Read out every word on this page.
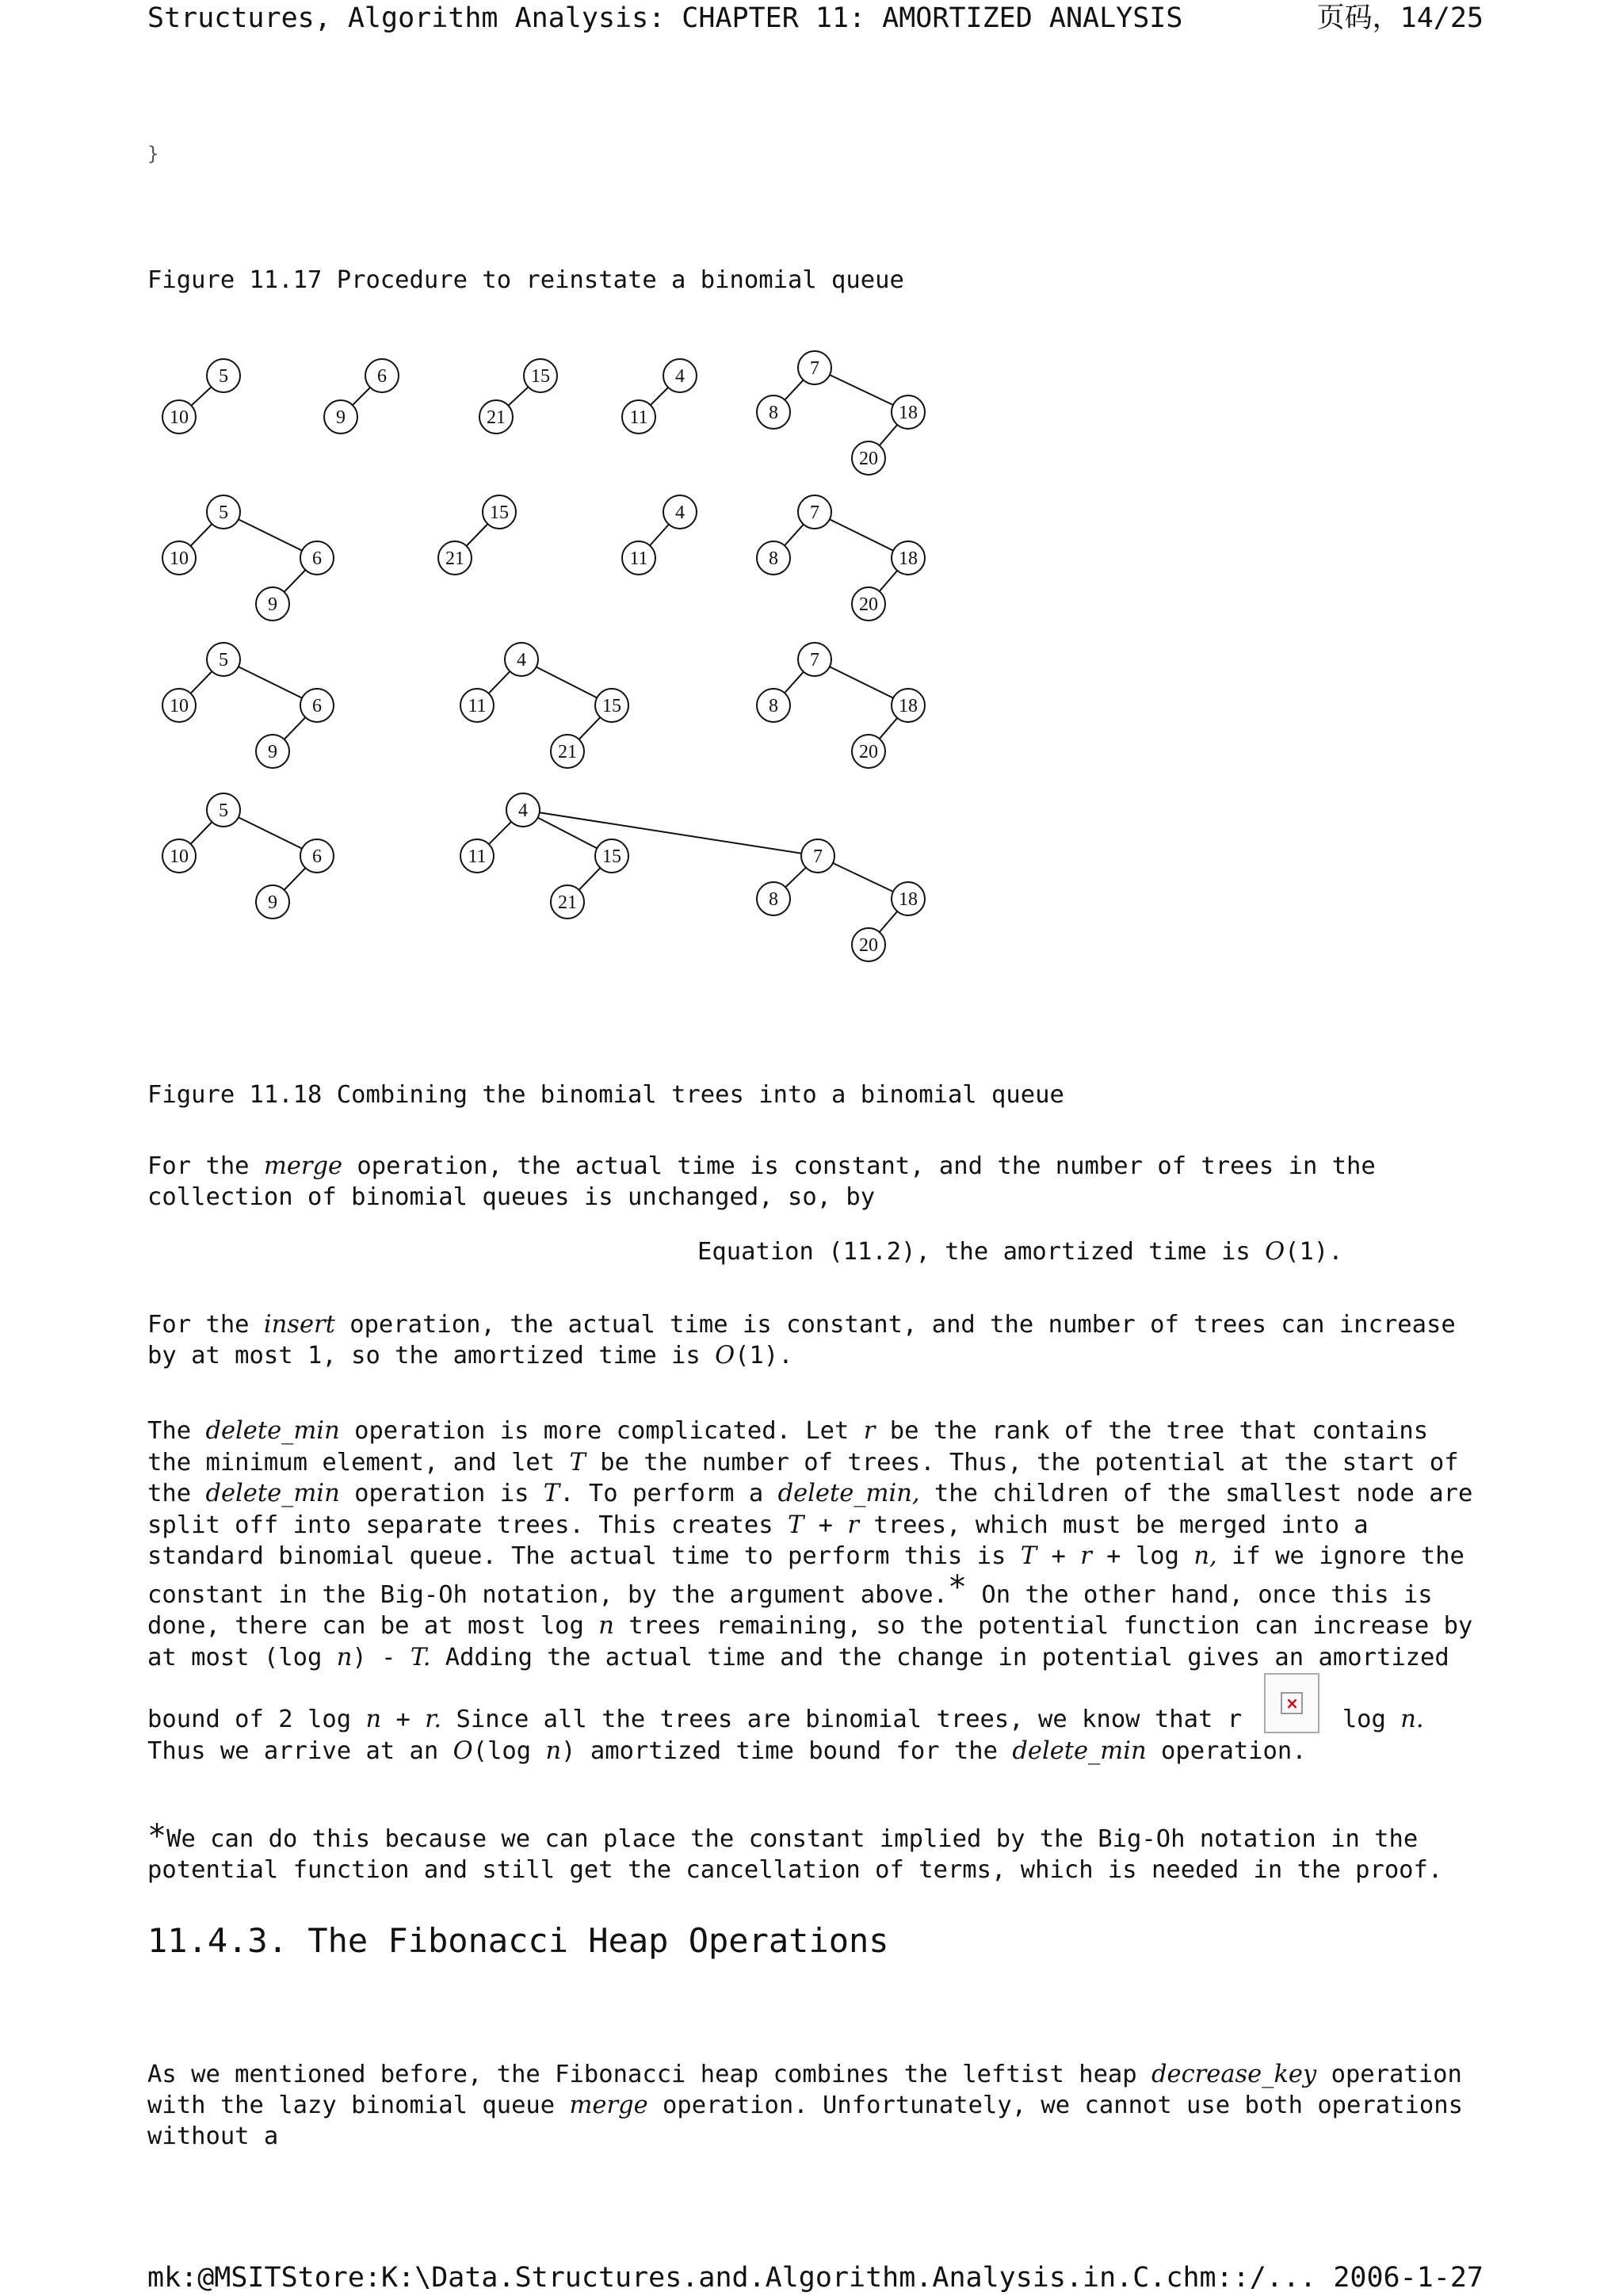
Structures, Algorithm Analysis: CHAPTER 11: AMORTIZED ANALYSIS	页码，14/25
}
Figure 11.17 Procedure to reinstate a binomial queue
5
10
6
9
15
21
4
11
7
8	18
20
5
10	6
9
15
21
4
11
7
8	18
20
5
10	6
9
4
11	15
21
7
8	18
20
5
10	6
9
4
11	15
21
7
8	18
20
Figure 11.18 Combining the binomial trees into a binomial queue
For the merge operation, the actual time is constant, and the number of trees in the collection of binomial queues is unchanged, so, by
Equation (11.2), the amortized time is O(1).
For the insert operation, the actual time is constant, and the number of trees can increase by at most 1, so the amortized time is O(1).
The delete_min operation is more complicated. Let r be the rank of the tree that contains the minimum element, and let T be the number of trees. Thus, the potential at the start of the delete_min operation is T. To perform a delete_min, the children of the smallest node are split off into separate trees. This creates T + r trees, which must be merged into a standard binomial queue. The actual time to perform this is T + r + log n, if we ignore the constant in the Big-Oh notation, by the argument above.* On the other hand, once this is done, there can be at most log n trees remaining, so the potential function can increase by at most (log n) - T. Adding the actual time and the change in potential gives an amortized bound of 2 log n + r. Since all the trees are binomial trees, we know that r
×
log n. Thus we arrive at an O(log n) amortized time bound for the delete_min operation.
*We can do this because we can place the constant implied by the Big-Oh notation in the potential function and still get the cancellation of terms, which is needed in the proof.
11.4.3. The Fibonacci Heap Operations
As we mentioned before, the Fibonacci heap combines the leftist heap decrease_key operation with the lazy binomial queue merge operation. Unfortunately, we cannot use both operations without a
mk:@MSITStore:K:\Data.Structures.and.Algorithm.Analysis.in.C.chm::/... 2006-1-27
